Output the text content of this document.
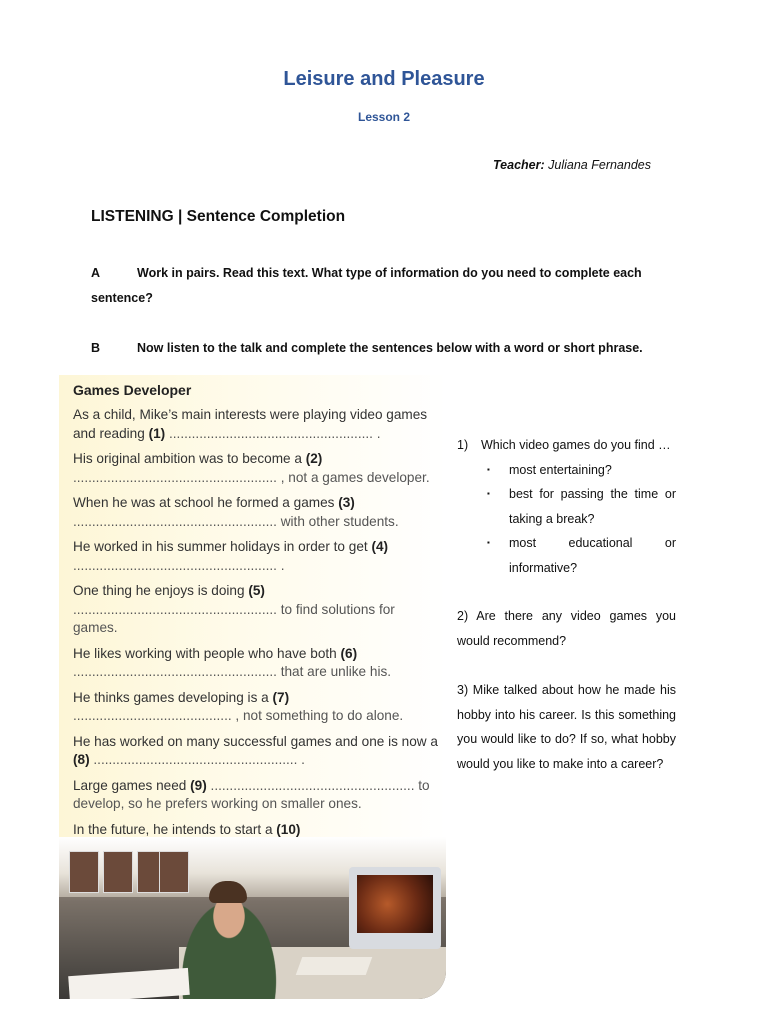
Leisure and Pleasure
Lesson 2
Teacher: Juliana Fernandes
LISTENING | Sentence Completion
A	Work in pairs. Read this text. What type of information do you need to complete each sentence?
B	Now listen to the talk and complete the sentences below with a word or short phrase.
Games Developer
As a child, Mike’s main interests were playing video games and reading (1) ...................................................... .
His original ambition was to become a (2) ...................................................... , not a games developer.
When he was at school he formed a games (3) ...................................................... with other students.
He worked in his summer holidays in order to get (4) ...................................................... .
One thing he enjoys is doing (5) ...................................................... to find solutions for games.
He likes working with people who have both (6) ...................................................... that are unlike his.
He thinks games developing is a (7) .......................................... , not something to do alone.
He has worked on many successful games and one is now a (8) ...................................................... .
Large games need (9) ...................................................... to develop, so he prefers working on smaller ones.
In the future, he intends to start a (10)
1)	Which video games do you find …
▪ most entertaining?
▪ best for passing the time or taking a break?
▪ most educational or informative?
2) Are there any video games you would recommend?
3) Mike talked about how he made his hobby into his career. Is this something you would like to do? If so, what hobby would you like to make into a career?
